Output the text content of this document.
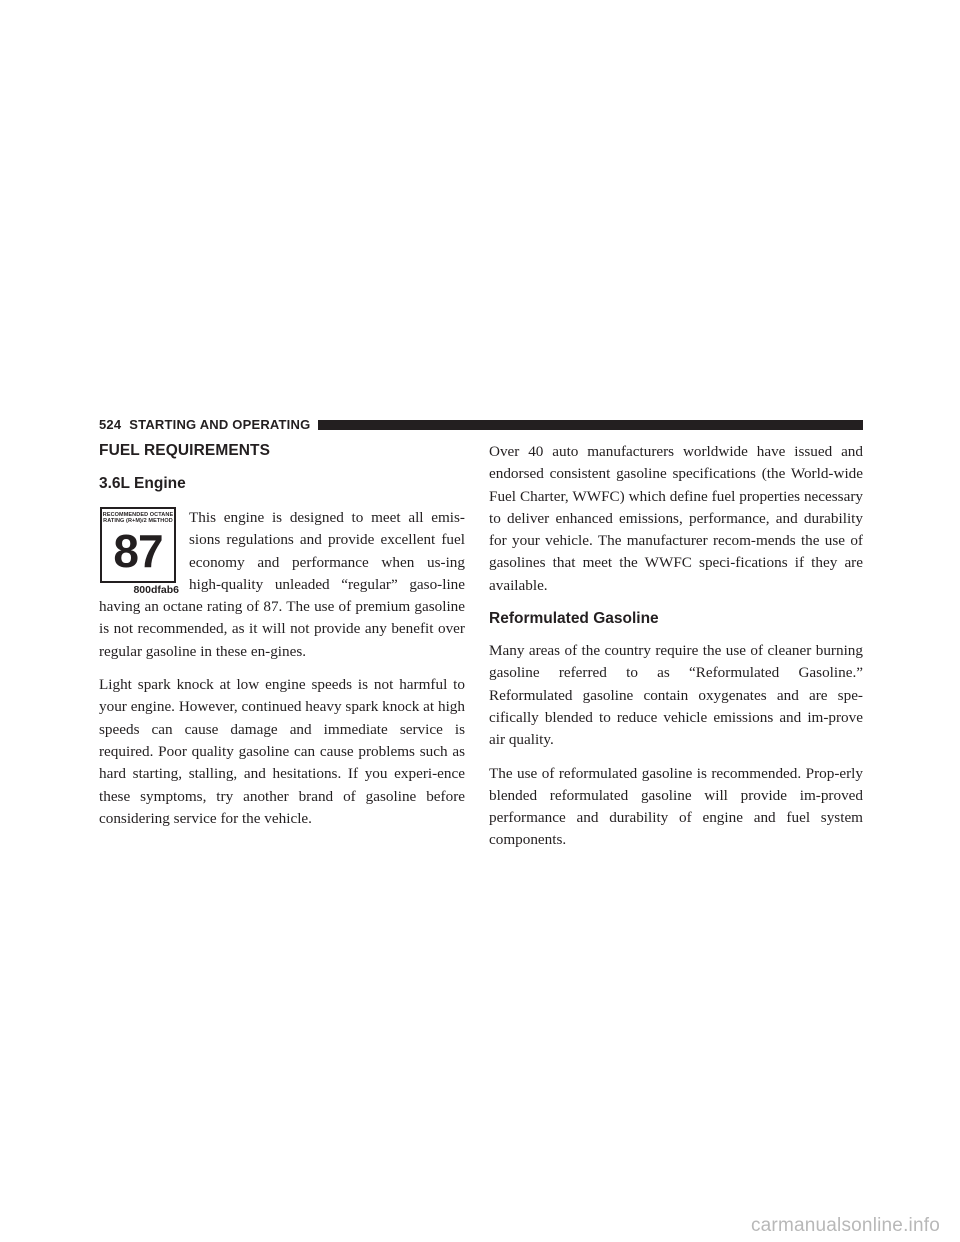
524 STARTING AND OPERATING
FUEL REQUIREMENTS
3.6L Engine
RECOMMENDED OCTANE RATING (R+M)/2 METHOD
87
800dfab6

This engine is designed to meet all emis-sions regulations and provide excellent fuel economy and performance when us-ing high-quality unleaded “regular” gaso-line having an octane rating of 87. The use of premium gasoline is not recommended, as it will not provide any benefit over regular gasoline in these en-gines.

Light spark knock at low engine speeds is not harmful to your engine. However, continued heavy spark knock at high speeds can cause damage and immediate service is required. Poor quality gasoline can cause problems such as hard starting, stalling, and hesitations. If you experi-ence these symptoms, try another brand of gasoline before considering service for the vehicle.

Over 40 auto manufacturers worldwide have issued and endorsed consistent gasoline specifications (the World-wide Fuel Charter, WWFC) which define fuel properties necessary to deliver enhanced emissions, performance, and durability for your vehicle. The manufacturer recom-mends the use of gasolines that meet the WWFC speci-fications if they are available.

Reformulated Gasoline

Many areas of the country require the use of cleaner burning gasoline referred to as “Reformulated Gasoline.” Reformulated gasoline contain oxygenates and are spe-cifically blended to reduce vehicle emissions and im-prove air quality.

The use of reformulated gasoline is recommended. Prop-erly blended reformulated gasoline will provide im-proved performance and durability of engine and fuel system components.

carmanualsonline.info
